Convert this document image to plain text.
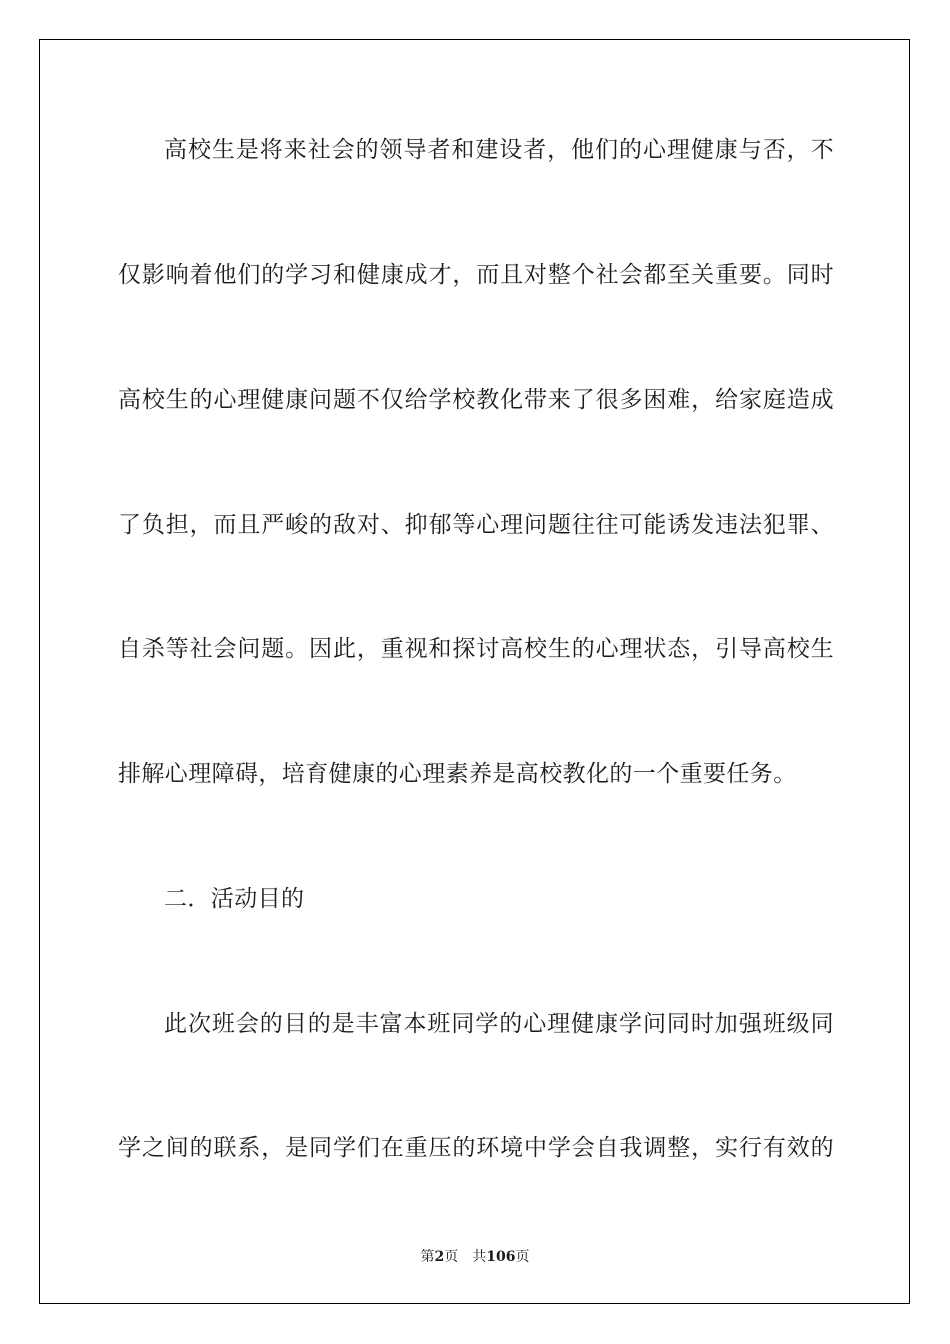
高校生是将来社会的领导者和建设者，他们的心理健康与否，不
仅影响着他们的学习和健康成才，而且对整个社会都至关重要。同时
高校生的心理健康问题不仅给学校教化带来了很多困难，给家庭造成
了负担，而且严峻的敌对、抑郁等心理问题往往可能诱发违法犯罪、
自杀等社会问题。因此，重视和探讨高校生的心理状态，引导高校生
排解心理障碍，培育健康的心理素养是高校教化的一个重要任务。
二．活动目的
此次班会的目的是丰富本班同学的心理健康学问同时加强班级同
学之间的联系，是同学们在重压的环境中学会自我调整，实行有效的
第2页 共106页
